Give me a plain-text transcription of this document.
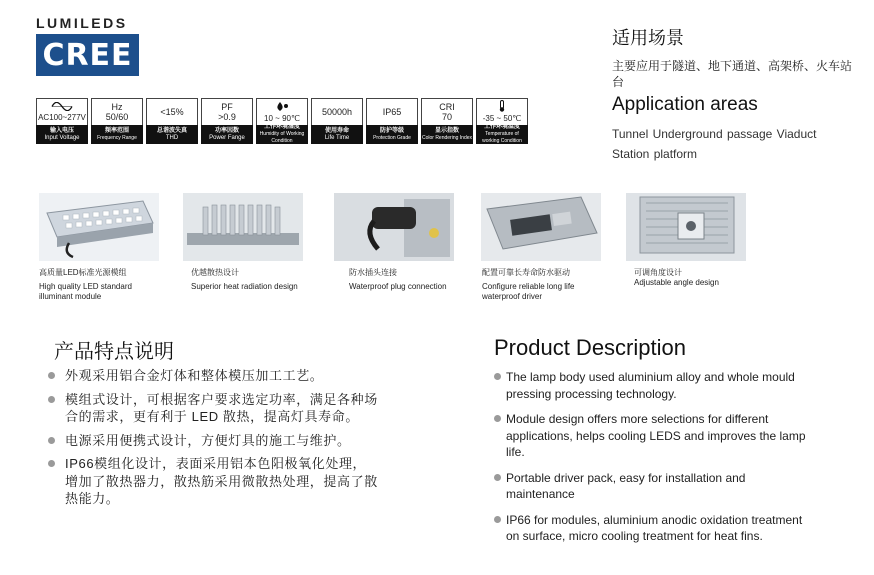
LUMILEDS
CREE
AC100~277V
输入电压
Input Voltage
Hz
50/60
频率范围
Frequency Range
<15%
总谐波失真
THD
PF
>0.9
功率因数
Power Fange
10 ~ 90℃
工作环境湿度
Humidity of Working Condition
50000h
使用寿命
Life Time
IP65
防护等级
Protection Grade
CRI
70
显示指数
Color Rendering Index
-35 ~ 50℃
工作环境温度
Temperature of working Condition
适用场景
主要应用于隧道、地下通道、高架桥、火车站台
Application areas
Tunnel Underground passage Viaduct Station platform
高质量LED标准光源模组
High quality LED standard illuminant module
优越散热设计
Superior heat radiation design
防水插头连接
Waterproof plug connection
配置可靠长寿命防水驱动
Configure reliable long life waterproof driver
可调角度设计
Adjustable angle design
产品特点说明	Product Description
外观采用铝合金灯体和整体模压加工工艺。
模组式设计，可根据客户要求选定功率，满足各种场合的需求，更有利于 LED 散热，提高灯具寿命。
电源采用便携式设计，方便灯具的施工与维护。
IP66模组化设计，表面采用铝本色阳极氧化处理，增加了散热器力，散热筋采用微散热处理，提高了散热能力。
The lamp body used aluminium alloy and whole mould pressing processing technology.
Module design offers more selections for different applications, helps cooling LEDS and improves the lamp life.
Portable driver pack, easy for installation and maintenance
IP66 for modules, aluminium anodic oxidation treatment on surface, micro cooling treatment for heat fins.
